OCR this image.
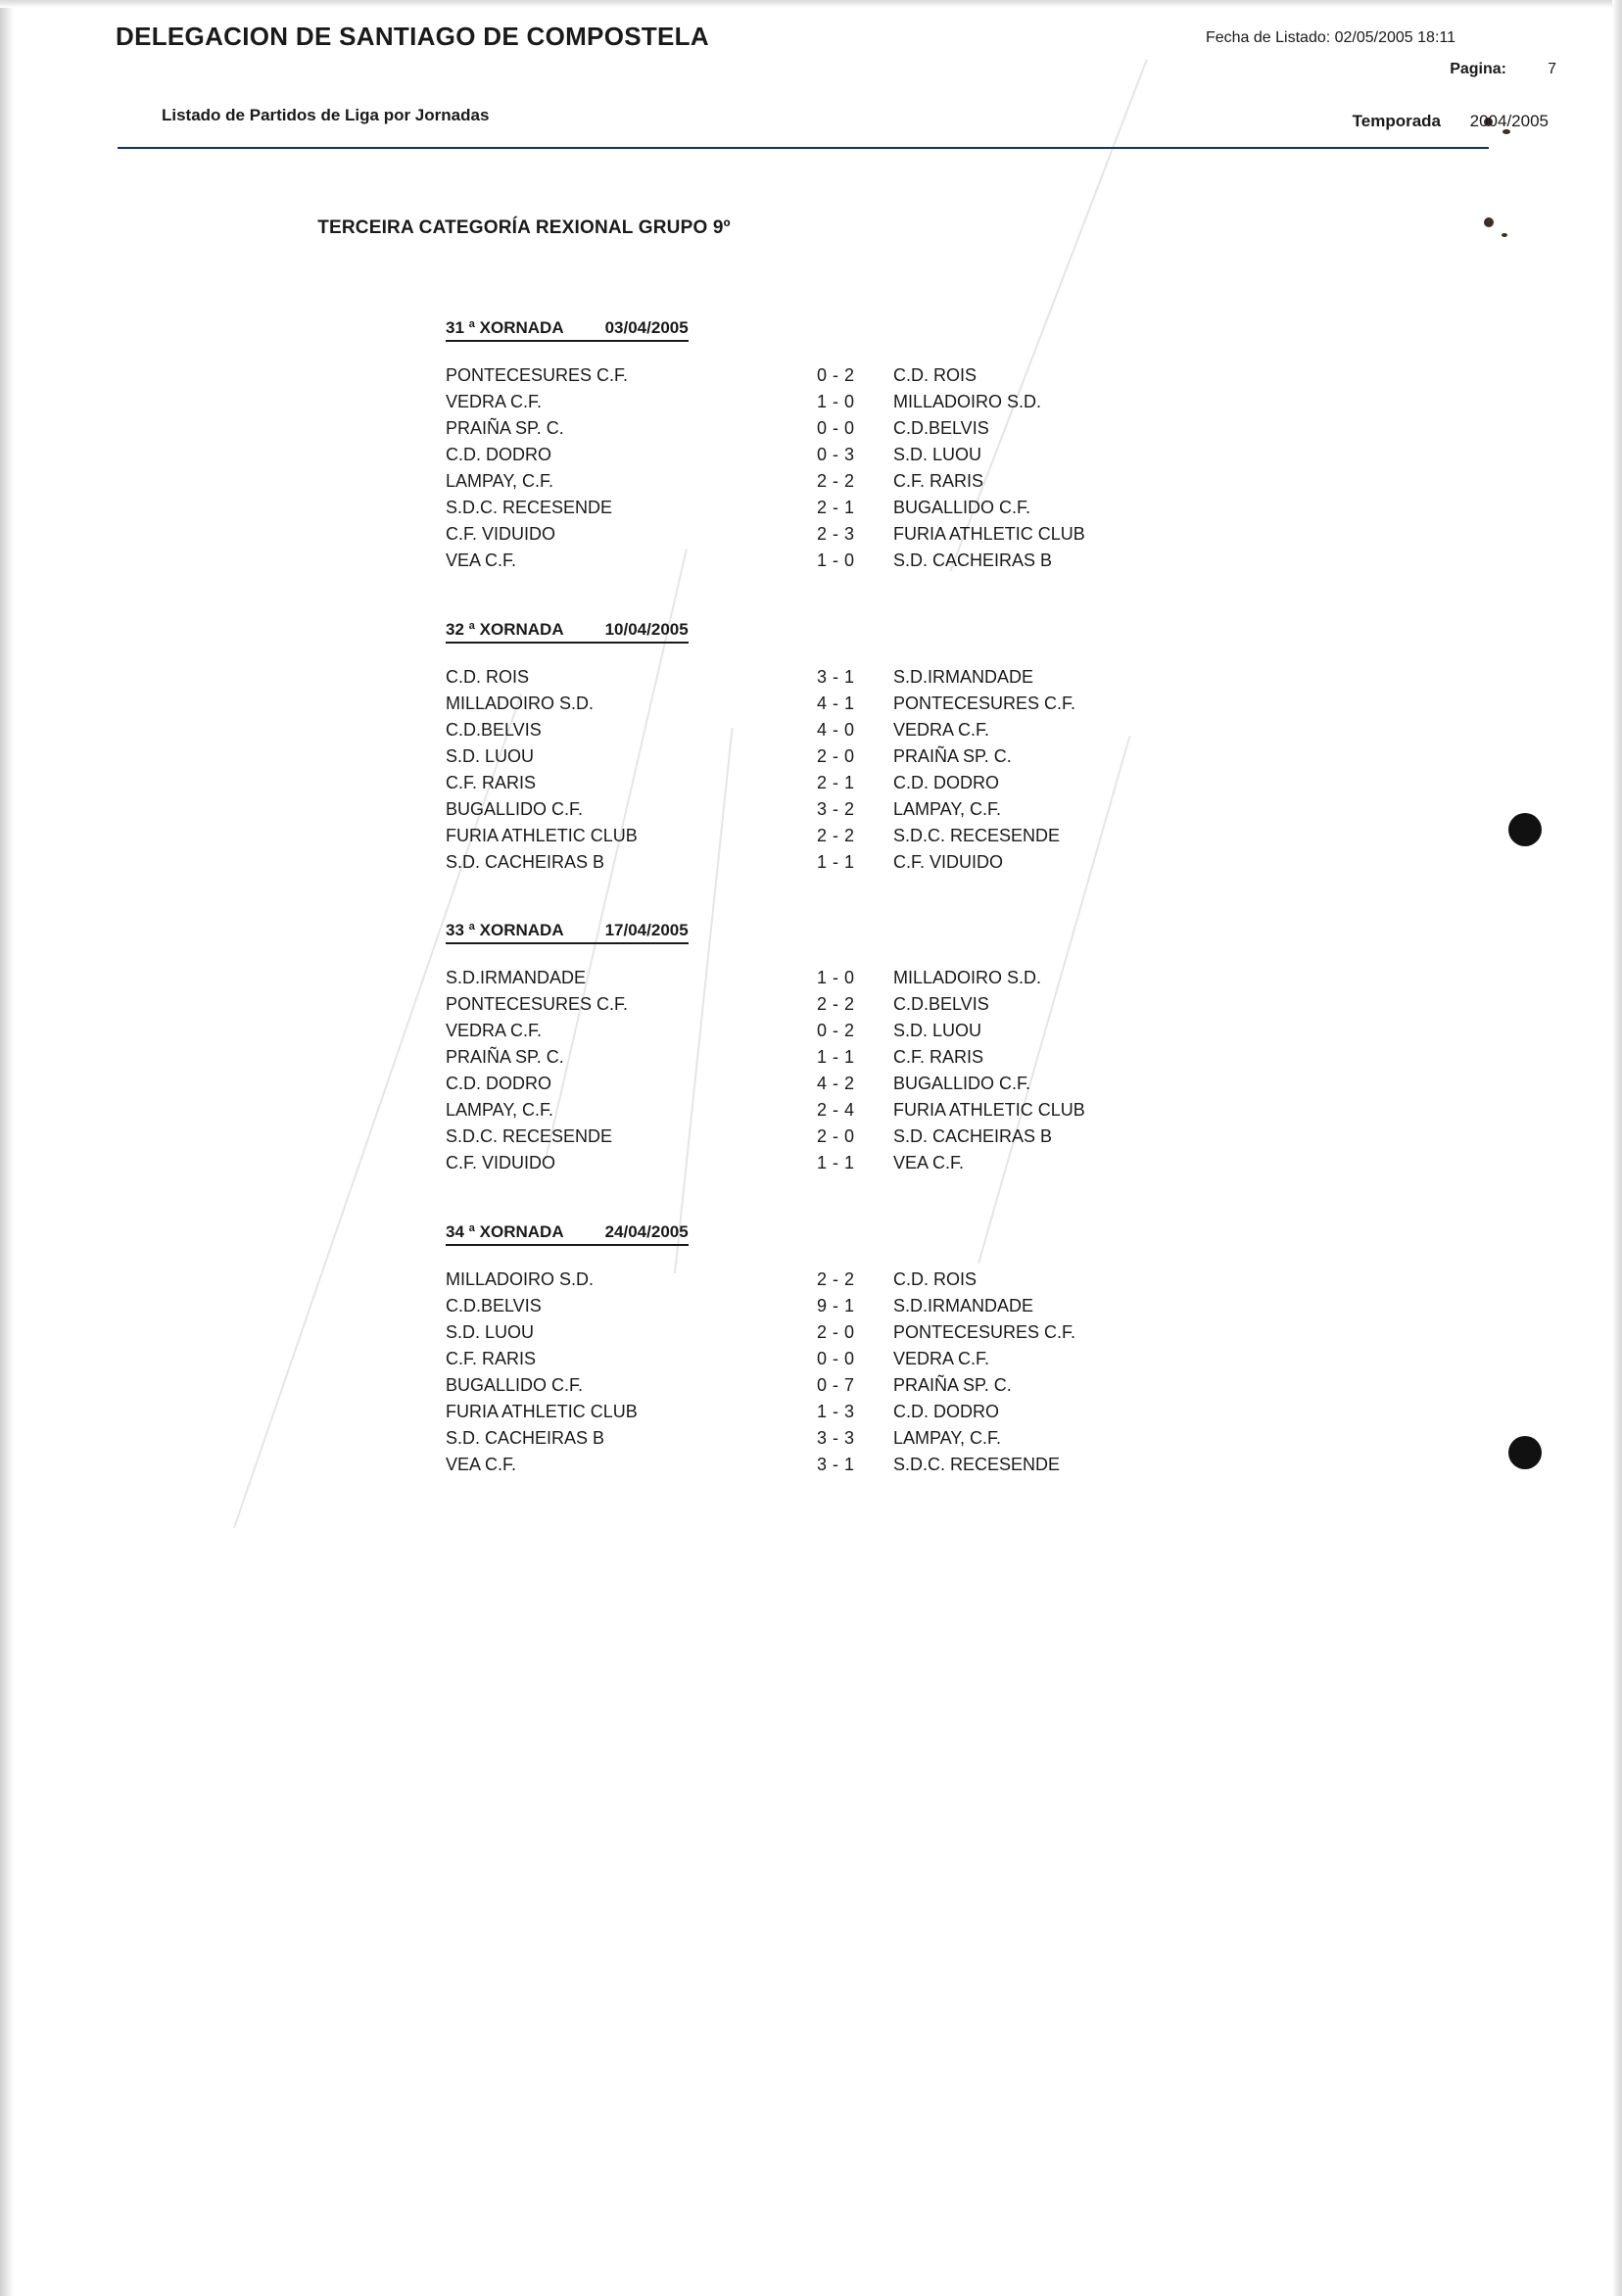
DELEGACION DE SANTIAGO DE COMPOSTELA
Listado de Partidos de Liga por Jornadas
Fecha de Listado: 02/05/2005 18:11
Pagina:	7
Temporada 2004/2005
TERCEIRA CATEGORÍA REXIONAL GRUPO 9º
31 ª XORNADA 03/04/2005
PONTECESURES C.F.	0 - 2 C.D. ROIS
VEDRA C.F.	1 - 0 MILLADOIRO S.D.
PRAIÑA SP. C.	0 - 0 C.D.BELVIS
C.D. DODRO	0 - 3 S.D. LUOU
LAMPAY, C.F.	2 - 2 C.F. RARIS
S.D.C. RECESENDE	2 - 1 BUGALLIDO C.F.
C.F. VIDUIDO	2 - 3 FURIA ATHLETIC CLUB
VEA C.F.	1 - 0 S.D. CACHEIRAS B
32 ª XORNADA 10/04/2005
C.D. ROIS	3 - 1 S.D.IRMANDADE
MILLADOIRO S.D.	4 - 1 PONTECESURES C.F.
C.D.BELVIS	4 - 0 VEDRA C.F.
S.D. LUOU	2 - 0 PRAIÑA SP. C.
C.F. RARIS	2 - 1 C.D. DODRO
BUGALLIDO C.F.	3 - 2 LAMPAY, C.F.
FURIA ATHLETIC CLUB	2 - 2 S.D.C. RECESENDE
S.D. CACHEIRAS B	1 - 1 C.F. VIDUIDO
33 ª XORNADA 17/04/2005
S.D.IRMANDADE	1 - 0 MILLADOIRO S.D.
PONTECESURES C.F.	2 - 2 C.D.BELVIS
VEDRA C.F.	0 - 2 S.D. LUOU
PRAIÑA SP. C.	1 - 1 C.F. RARIS
C.D. DODRO	4 - 2 BUGALLIDO C.F.
LAMPAY, C.F.	2 - 4 FURIA ATHLETIC CLUB
S.D.C. RECESENDE	2 - 0 S.D. CACHEIRAS B
C.F. VIDUIDO	1 - 1 VEA C.F.
34 ª XORNADA 24/04/2005
MILLADOIRO S.D.	2 - 2 C.D. ROIS
C.D.BELVIS	9 - 1 S.D.IRMANDADE
S.D. LUOU	2 - 0 PONTECESURES C.F.
C.F. RARIS	0 - 0 VEDRA C.F.
BUGALLIDO C.F.	0 - 7 PRAIÑA SP. C.
FURIA ATHLETIC CLUB	1 - 3 C.D. DODRO
S.D. CACHEIRAS B	3 - 3 LAMPAY, C.F.
VEA C.F.	3 - 1 S.D.C. RECESENDE
